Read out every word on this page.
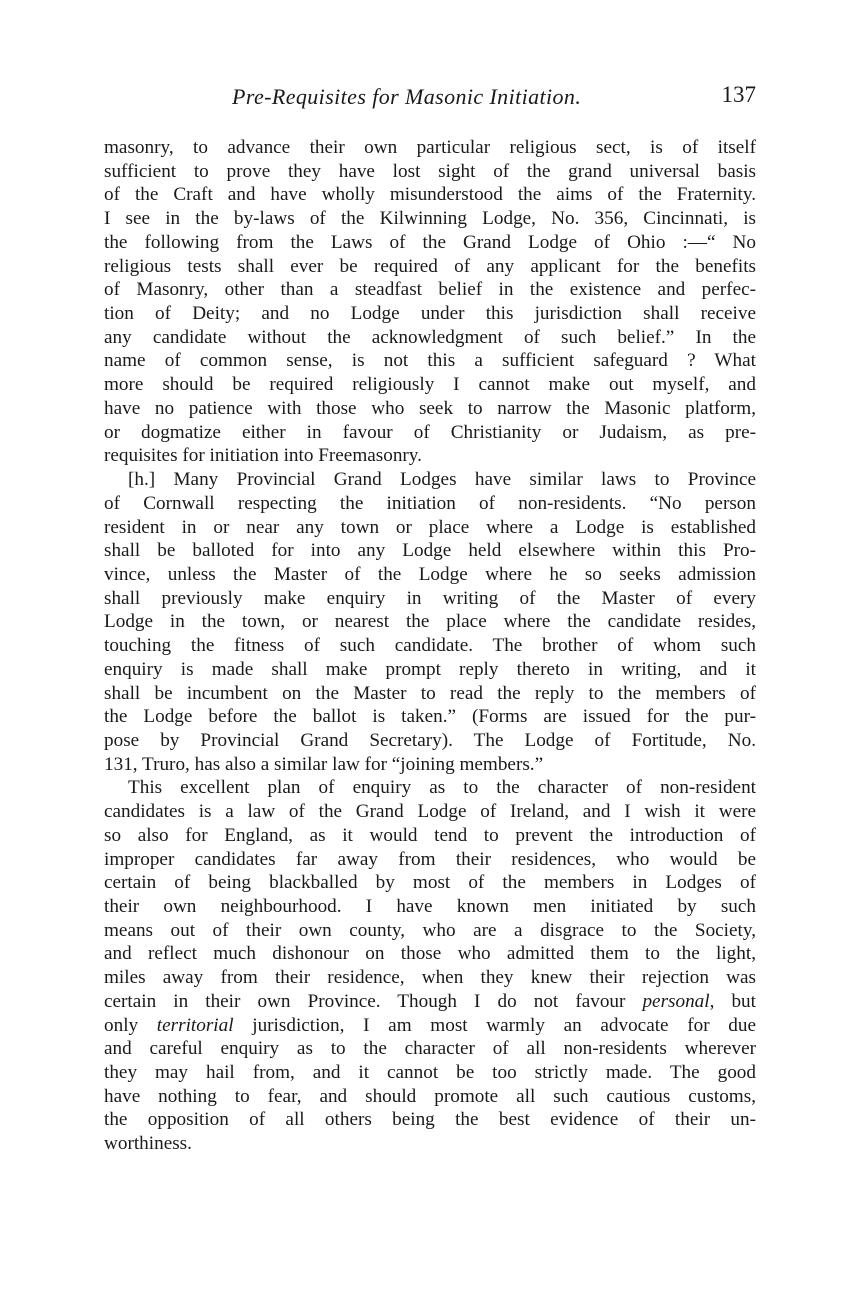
Pre-Requisites for Masonic Initiation.	137
masonry, to advance their own particular religious sect, is of itself
sufficient to prove they have lost sight of the grand universal basis
of the Craft and have wholly misunderstood the aims of the Fraternity.
I see in the by-laws of the Kilwinning Lodge, No. 356, Cincinnati, is
the following from the Laws of the Grand Lodge of Ohio :—“ No
religious tests shall ever be required of any applicant for the benefits
of Masonry, other than a steadfast belief in the existence and perfec-
tion of Deity; and no Lodge under this jurisdiction shall receive
any candidate without the acknowledgment of such belief.” In the
name of common sense, is not this a sufficient safeguard ? What
more should be required religiously I cannot make out myself, and
have no patience with those who seek to narrow the Masonic platform,
or dogmatize either in favour of Christianity or Judaism, as pre-
requisites for initiation into Freemasonry.
[h.] Many Provincial Grand Lodges have similar laws to Province
of Cornwall respecting the initiation of non-residents. “No person
resident in or near any town or place where a Lodge is established
shall be balloted for into any Lodge held elsewhere within this Pro-
vince, unless the Master of the Lodge where he so seeks admission
shall previously make enquiry in writing of the Master of every
Lodge in the town, or nearest the place where the candidate resides,
touching the fitness of such candidate. The brother of whom such
enquiry is made shall make prompt reply thereto in writing, and it
shall be incumbent on the Master to read the reply to the members of
the Lodge before the ballot is taken.” (Forms are issued for the pur-
pose by Provincial Grand Secretary). The Lodge of Fortitude, No.
131, Truro, has also a similar law for “joining members.”
This excellent plan of enquiry as to the character of non-resident
candidates is a law of the Grand Lodge of Ireland, and I wish it were
so also for England, as it would tend to prevent the introduction of
improper candidates far away from their residences, who would be
certain of being blackballed by most of the members in Lodges of
their own neighbourhood. I have known men initiated by such
means out of their own county, who are a disgrace to the Society,
and reflect much dishonour on those who admitted them to the light,
miles away from their residence, when they knew their rejection was
certain in their own Province. Though I do not favour personal, but
only territorial jurisdiction, I am most warmly an advocate for due
and careful enquiry as to the character of all non-residents wherever
they may hail from, and it cannot be too strictly made. The good
have nothing to fear, and should promote all such cautious customs,
the opposition of all others being the best evidence of their un-
worthiness.
